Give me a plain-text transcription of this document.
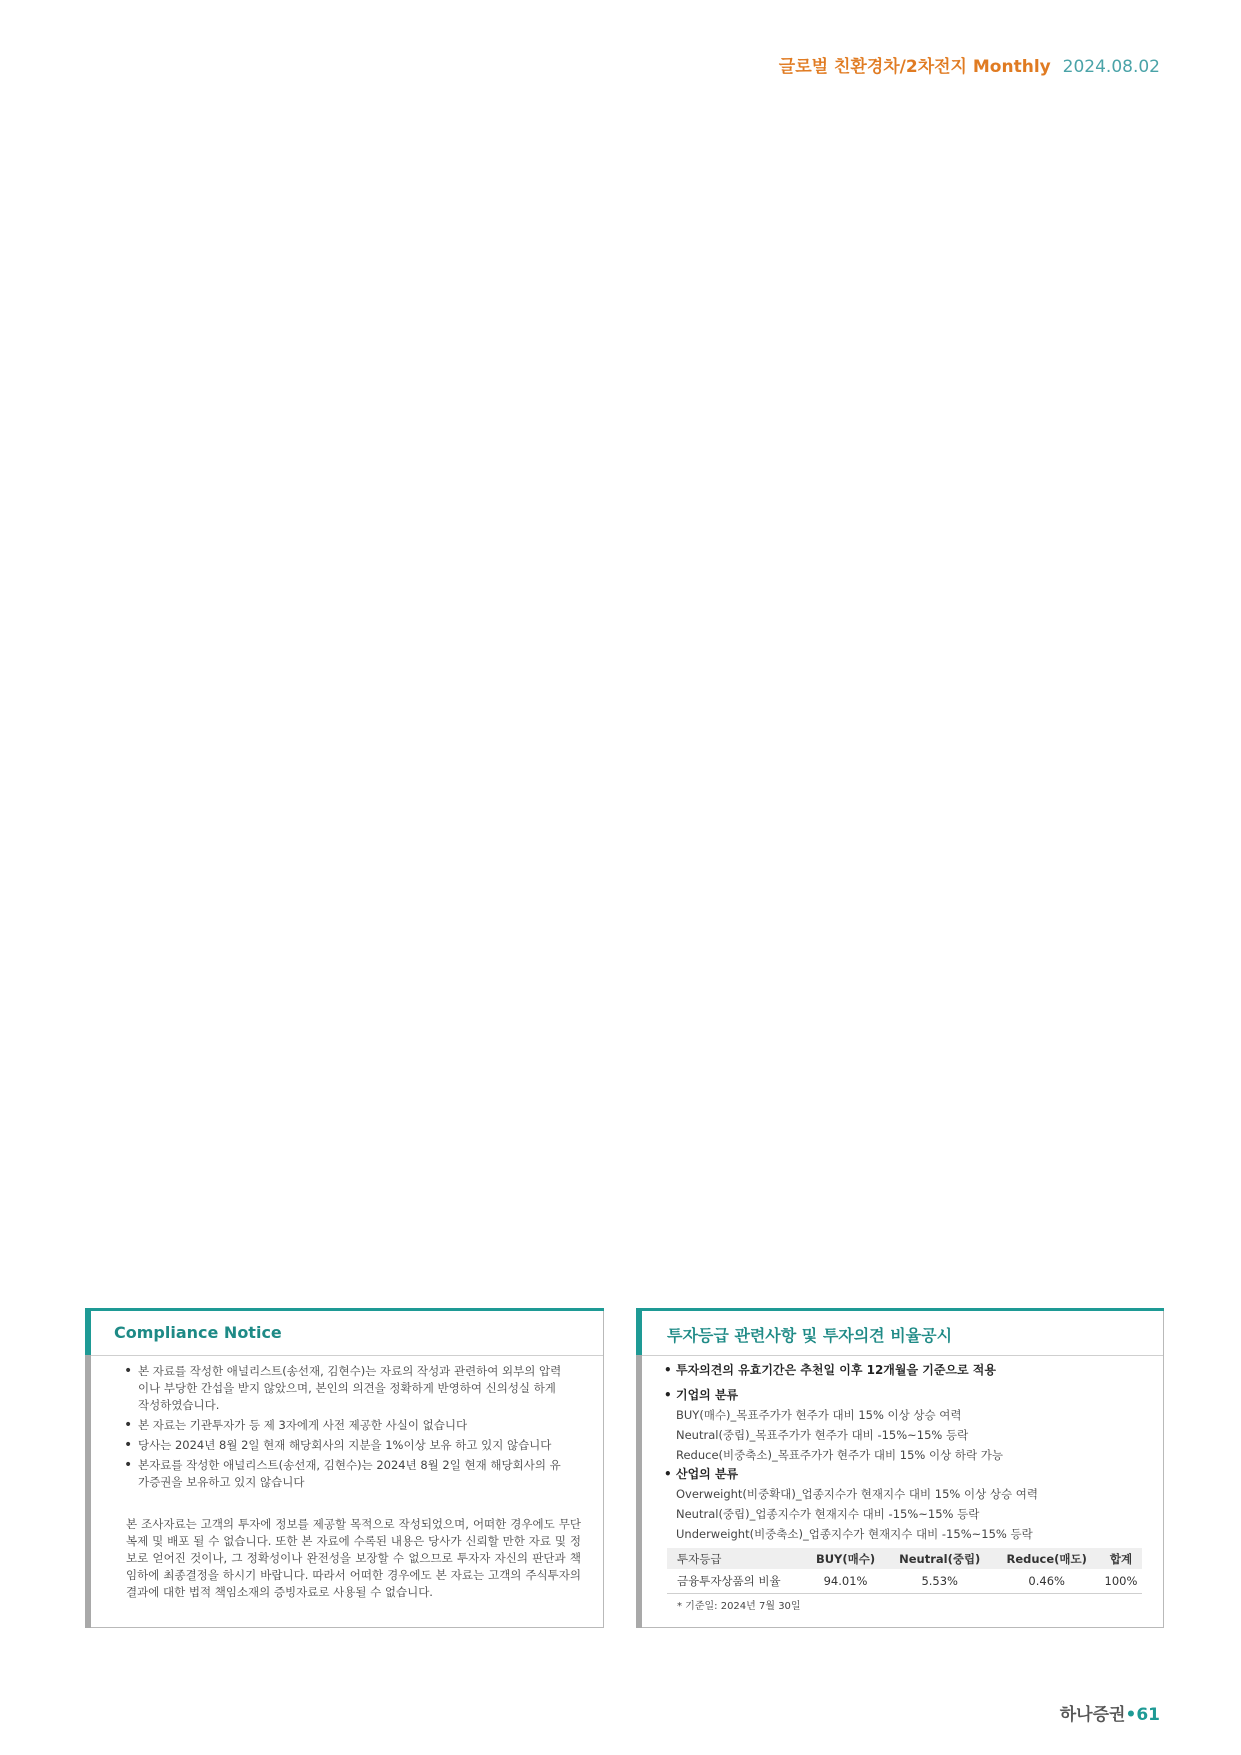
글로벌 친환경차/2차전지 Monthly 2024.08.02
Compliance Notice
• 본 자료를 작성한 애널리스트(송선재, 김현수)는 자료의 작성과 관련하여 외부의 압력이나 부당한 간섭을 받지 않았으며, 본인의 의견을 정확하게 반영하여 신의성실 하게 작성하였습니다.
• 본 자료는 기관투자가 등 제 3자에게 사전 제공한 사실이 없습니다
• 당사는 2024년 8월 2일 현재 해당회사의 지분을 1%이상 보유 하고 있지 않습니다
• 본자료를 작성한 애널리스트(송선재, 김현수)는 2024년 8월 2일 현재 해당회사의 유가증권을 보유하고 있지 않습니다
본 조사자료는 고객의 투자에 정보를 제공할 목적으로 작성되었으며, 어떠한 경우에도 무단 복제 및 배포 될 수 없습니다. 또한 본 자료에 수록된 내용은 당사가 신뢰할 만한 자료 및 정보로 얻어진 것이나, 그 정확성이나 완전성을 보장할 수 없으므로 투자자 자신의 판단과 책임하에 최종결정을 하시기 바랍니다. 따라서 어떠한 경우에도 본 자료는 고객의 주식투자의 결과에 대한 법적 책임소재의 증빙자료로 사용될 수 없습니다.
투자등급 관련사항 및 투자의견 비율공시
• 투자의견의 유효기간은 추천일 이후 12개월을 기준으로 적용
• 기업의 분류
BUY(매수)_목표주가가 현주가 대비 15% 이상 상승 여력
Neutral(중립)_목표주가가 현주가 대비 -15%~15% 등락
Reduce(비중축소)_목표주가가 현주가 대비 15% 이상 하락 가능
• 산업의 분류
Overweight(비중확대)_업종지수가 현재지수 대비 15% 이상 상승 여력
Neutral(중립)_업종지수가 현재지수 대비 -15%~15% 등락
Underweight(비중축소)_업종지수가 현재지수 대비 -15%~15% 등락
투자등급	BUY(매수)	Neutral(중립)	Reduce(매도)	합계
금융투자상품의 비율	94.01%	5.53%	0.46%	100%
* 기준일: 2024년 7월 30일
하나증권•61
